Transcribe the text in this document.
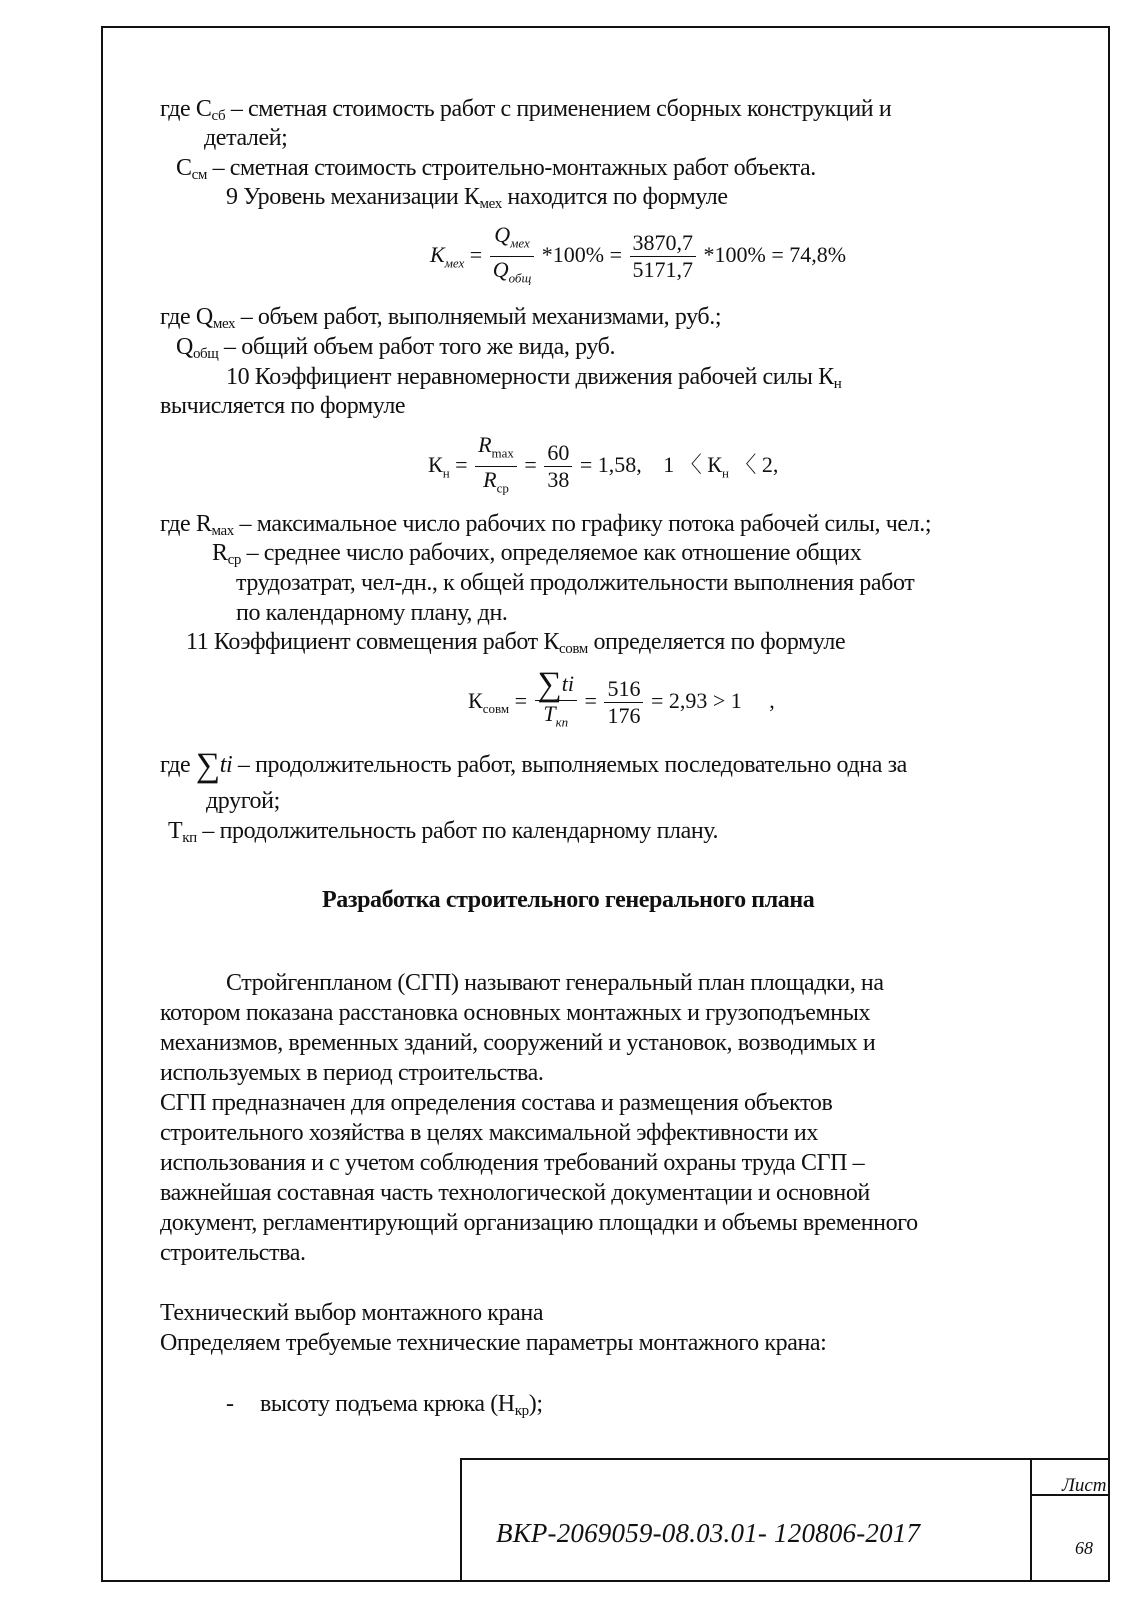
где $С_{сб}$ – сметная стоимость работ с применением сборных конструкций и
деталей;
$С_{см}$ – сметная стоимость строительно-монтажных работ объекта.
9 Уровень механизации $К_{мех}$ находится по формуле
$К_{мех} = \frac{Q_{мех}}{Q_{общ}} *100\% = \frac{3870,7}{5171,7} *100\% = 74,8\%$
где $Q_{мех}$ – объем работ, выполняемый механизмами, руб.;
$Q_{общ}$ – общий объем работ того же вида, руб.
10 Коэффициент неравномерности движения рабочей силы $К_н$
вычисляется по формуле
$К_н = \frac{R_{max}}{R_{ср}} = \frac{60}{38} = 1,58$, 1 〈 $К_н$ 〈 2,
где $R_{мах}$ – максимальное число рабочих по графику потока рабочей силы, чел.;
$R_{ср}$ – среднее число рабочих, определяемое как отношение общих
трудозатрат, чел-дн., к общей продолжительности выполнения работ
по календарному плану, дн.
11 Коэффициент совмещения работ $К_{совм}$ определяется по формуле
$К_{совм} = \frac{\sum ti}{Т_{кп}} = \frac{516}{176} = 2,93 > 1$ ,
где ∑ti – продолжительность работ, выполняемых последовательно одна за
другой;
$Т_{кп}$ – продолжительность работ по календарному плану.
Разработка строительного генерального плана
Стройгенпланом (СГП) называют генеральный план площадки, на
котором показана расстановка основных монтажных и грузоподъемных
механизмов, временных зданий, сооружений и установок, возводимых и
используемых в период строительства.
СГП предназначен для определения состава и размещения объектов
строительного хозяйства в целях максимальной эффективности их
использования и с учетом соблюдения требований охраны труда СГП –
важнейшая составная часть технологической документации и основной
документ, регламентирующий организацию площадки и объемы временного
строительства.
Технический выбор монтажного крана
Определяем требуемые технические параметры монтажного крана:
- высоту подъема крюка $(Н_{кр})$;
ВКР-2069059-08.03.01- 120806-2017
Лист
68
